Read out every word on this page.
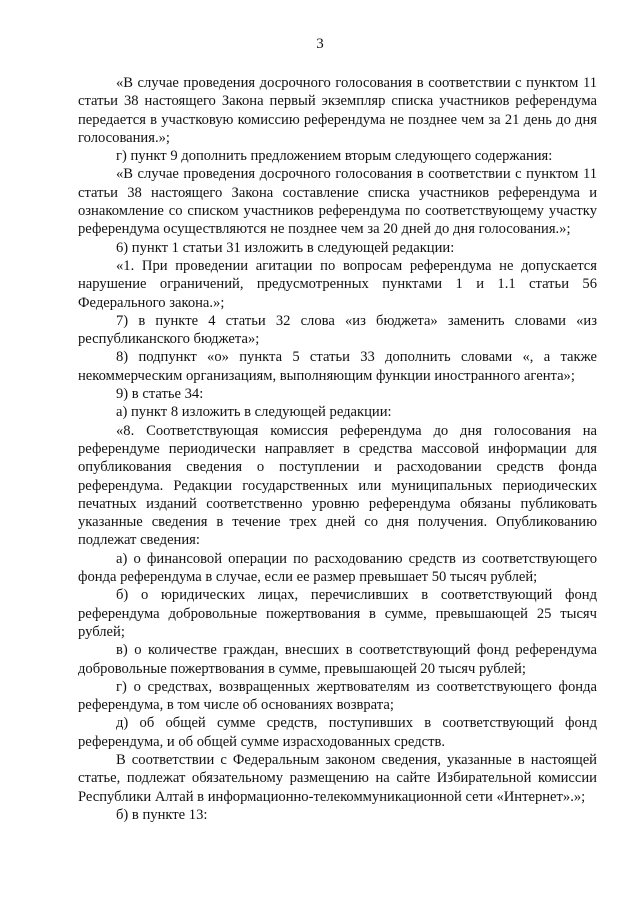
3

«В случае проведения досрочного голосования в соответствии с пунктом 11 статьи 38 настоящего Закона первый экземпляр списка участников референдума передается в участковую комиссию референдума не позднее чем за 21 день до дня голосования.»;

г) пункт 9 дополнить предложением вторым следующего содержания:

«В случае проведения досрочного голосования в соответствии с пунктом 11 статьи 38 настоящего Закона составление списка участников референдума и ознакомление со списком участников референдума по соответствующему участку референдума осуществляются не позднее чем за 20 дней до дня голосования.»;

6) пункт 1 статьи 31 изложить в следующей редакции:

«1. При проведении агитации по вопросам референдума не допускается нарушение ограничений, предусмотренных пунктами 1 и 1.1 статьи 56 Федерального закона.»;

7) в пункте 4 статьи 32 слова «из бюджета» заменить словами «из республиканского бюджета»;

8) подпункт «о» пункта 5 статьи 33 дополнить словами «, а также некоммерческим организациям, выполняющим функции иностранного агента»;

9) в статье 34:

а) пункт 8 изложить в следующей редакции:

«8. Соответствующая комиссия референдума до дня голосования на референдуме периодически направляет в средства массовой информации для опубликования сведения о поступлении и расходовании средств фонда референдума. Редакции государственных или муниципальных периодических печатных изданий соответственно уровню референдума обязаны публиковать указанные сведения в течение трех дней со дня получения. Опубликованию подлежат сведения:

а) о финансовой операции по расходованию средств из соответствующего фонда референдума в случае, если ее размер превышает 50 тысяч рублей;

б) о юридических лицах, перечисливших в соответствующий фонд референдума добровольные пожертвования в сумме, превышающей 25 тысяч рублей;

в) о количестве граждан, внесших в соответствующий фонд референдума добровольные пожертвования в сумме, превышающей 20 тысяч рублей;

г) о средствах, возвращенных жертвователям из соответствующего фонда референдума, в том числе об основаниях возврата;

д) об общей сумме средств, поступивших в соответствующий фонд референдума, и об общей сумме израсходованных средств.

В соответствии с Федеральным законом сведения, указанные в настоящей статье, подлежат обязательному размещению на сайте Избирательной комиссии Республики Алтай в информационно-телекоммуникационной сети «Интернет».»;

б) в пункте 13:
